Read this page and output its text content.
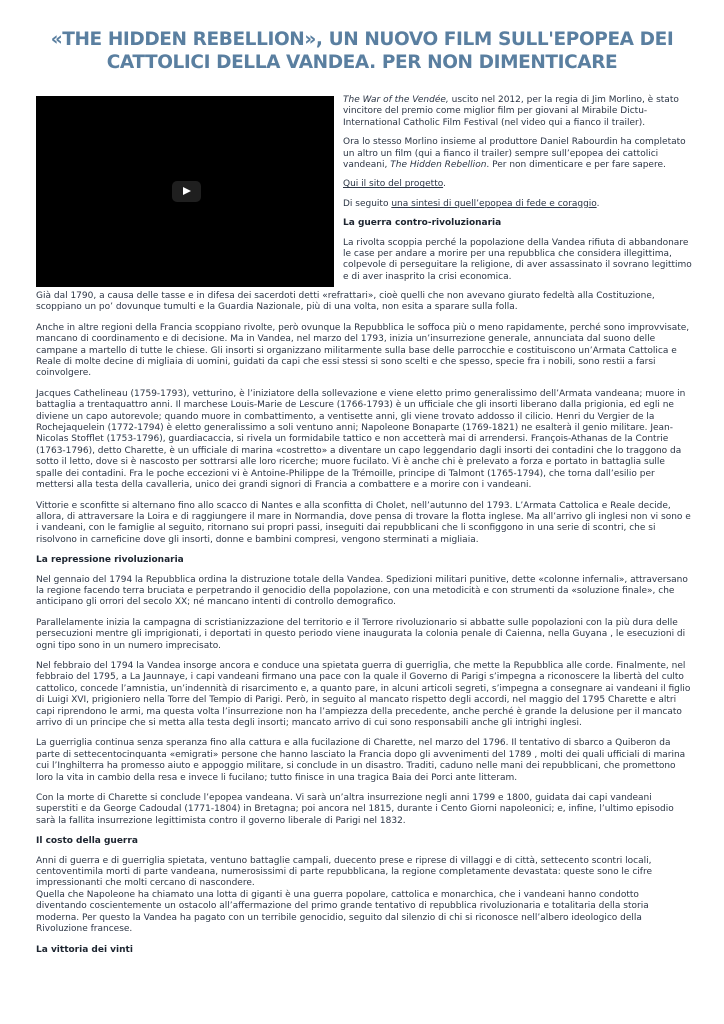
«THE HIDDEN REBELLION», UN NUOVO FILM SULL'EPOPEA DEI CATTOLICI DELLA VANDEA. PER NON DIMENTICARE

The War of the Vendée, uscito nel 2012, per la regia di Jim Morlino, è stato vincitore del premio come miglior film per giovani al Mirabile Dictu- International Catholic Film Festival (nel video qui a fianco il trailer).

Ora lo stesso Morlino insieme al produttore Daniel Rabourdin ha completato un altro un film (qui a fianco il trailer) sempre sull’epopea dei cattolici vandeani, The Hidden Rebellion. Per non dimenticare e per fare sapere.

Qui il sito del progetto.

Di seguito una sintesi di quell’epopea di fede e coraggio.

La guerra contro-rivoluzionaria

La rivolta scoppia perché la popolazione della Vandea rifiuta di abbandonare le case per andare a morire per una repubblica che considera illegittima, colpevole di perseguitare la religione, di aver assassinato il sovrano legittimo e di aver inasprito la crisi economica.

Già dal 1790, a causa delle tasse e in difesa dei sacerdoti detti «refrattari», cioè quelli che non avevano giurato fedeltà alla Costituzione, scoppiano un po’ dovunque tumulti e la Guardia Nazionale, più di una volta, non esita a sparare sulla folla.

Anche in altre regioni della Francia scoppiano rivolte, però ovunque la Repubblica le soffoca più o meno rapidamente, perché sono improvvisate, mancano di coordinamento e di decisione. Ma in Vandea, nel marzo del 1793, inizia un’insurrezione generale, annunciata dal suono delle campane a martello di tutte le chiese. Gli insorti si organizzano militarmente sulla base delle parrocchie e costituiscono un’Armata Cattolica e Reale di molte decine di migliaia di uomini, guidati da capi che essi stessi si sono scelti e che spesso, specie fra i nobili, sono restii a farsi coinvolgere.

Jacques Cathelineau (1759-1793), vetturino, è l’iniziatore della sollevazione e viene eletto primo generalissimo dell’Armata vandeana; muore in battaglia a trentaquattro anni. Il marchese Louis-Marie de Lescure (1766-1793) è un ufficiale che gli insorti liberano dalla prigionia, ed egli ne diviene un capo autorevole; quando muore in combattimento, a ventisette anni, gli viene trovato addosso il cilicio. Henri du Vergier de la Rochejaquelein (1772-1794) è eletto generalissimo a soli ventuno anni; Napoleone Bonaparte (1769-1821) ne esalterà il genio militare. Jean-Nicolas Stofflet (1753-1796), guardiacaccia, si rivela un formidabile tattico e non accetterà mai di arrendersi. François-Athanas de la Contrie (1763-1796), detto Charette, è un ufficiale di marina «costretto» a diventare un capo leggendario dagli insorti dei contadini che lo traggono da sotto il letto, dove si è nascosto per sottrarsi alle loro ricerche; muore fucilato. Vi è anche chi è prelevato a forza e portato in battaglia sulle spalle dei contadini. Fra le poche eccezioni vi è Antoine-Philippe de la Trémoille, principe di Talmont (1765-1794), che torna dall’esilio per mettersi alla testa della cavalleria, unico dei grandi signori di Francia a combattere e a morire con i vandeani.

Vittorie e sconfitte si alternano fino allo scacco di Nantes e alla sconfitta di Cholet, nell’autunno del 1793. L’Armata Cattolica e Reale decide, allora, di attraversare la Loira e di raggiungere il mare in Normandia, dove pensa di trovare la flotta inglese. Ma all’arrivo gli inglesi non vi sono e i vandeani, con le famiglie al seguito, ritornano sui propri passi, inseguiti dai repubblicani che li sconfiggono in una serie di scontri, che si risolvono in carneficine dove gli insorti, donne e bambini compresi, vengono sterminati a migliaia.

La repressione rivoluzionaria

Nel gennaio del 1794 la Repubblica ordina la distruzione totale della Vandea. Spedizioni militari punitive, dette «colonne infernali», attraversano la regione facendo terra bruciata e perpetrando il genocidio della popolazione, con una metodicità e con strumenti da «soluzione finale», che anticipano gli orrori del secolo XX; né mancano intenti di controllo demografico.

Parallelamente inizia la campagna di scristianizzazione del territorio e il Terrore rivoluzionario si abbatte sulle popolazioni con la più dura delle persecuzioni mentre gli imprigionati, i deportati in questo periodo viene inaugurata la colonia penale di Caienna, nella Guyana , le esecuzioni di ogni tipo sono in un numero imprecisato.

Nel febbraio del 1794 la Vandea insorge ancora e conduce una spietata guerra di guerriglia, che mette la Repubblica alle corde. Finalmente, nel febbraio del 1795, a La Jaunnaye, i capi vandeani firmano una pace con la quale il Governo di Parigi s’impegna a riconoscere la libertà del culto cattolico, concede l’amnistia, un’indennità di risarcimento e, a quanto pare, in alcuni articoli segreti, s’impegna a consegnare ai vandeani il figlio di Luigi XVI, prigioniero nella Torre del Tempio di Parigi. Però, in seguito al mancato rispetto degli accordi, nel maggio del 1795 Charette e altri capi riprendono le armi, ma questa volta l’insurrezione non ha l’ampiezza della precedente, anche perché è grande la delusione per il mancato arrivo di un principe che si metta alla testa degli insorti; mancato arrivo di cui sono responsabili anche gli intrighi inglesi.

La guerriglia continua senza speranza fino alla cattura e alla fucilazione di Charette, nel marzo del 1796. Il tentativo di sbarco a Quiberon da parte di settecentocinquanta «emigrati» persone che hanno lasciato la Francia dopo gli avvenimenti del 1789 , molti dei quali ufficiali di marina cui l’Inghilterra ha promesso aiuto e appoggio militare, si conclude in un disastro. Traditi, caduno nelle mani dei repubblicani, che promettono loro la vita in cambio della resa e invece li fucilano; tutto finisce in una tragica Baia dei Porci ante litteram.

Con la morte di Charette si conclude l’epopea vandeana. Vi sarà un’altra insurrezione negli anni 1799 e 1800, guidata dai capi vandeani superstiti e da George Cadoudal (1771-1804) in Bretagna; poi ancora nel 1815, durante i Cento Giorni napoleonici; e, infine, l’ultimo episodio sarà la fallita insurrezione legittimista contro il governo liberale di Parigi nel 1832.

Il costo della guerra

Anni di guerra e di guerriglia spietata, ventuno battaglie campali, duecento prese e riprese di villaggi e di città, settecento scontri locali, centoventimila morti di parte vandeana, numerosissimi di parte repubblicana, la regione completamente devastata: queste sono le cifre impressionanti che molti cercano di nascondere.

Quella che Napoleone ha chiamato una lotta di giganti è una guerra popolare, cattolica e monarchica, che i vandeani hanno condotto diventando coscientemente un ostacolo all’affermazione del primo grande tentativo di repubblica rivoluzionaria e totalitaria della storia moderna. Per questo la Vandea ha pagato con un terribile genocidio, seguito dal silenzio di chi si riconosce nell’albero ideologico della Rivoluzione francese.

La vittoria dei vinti
